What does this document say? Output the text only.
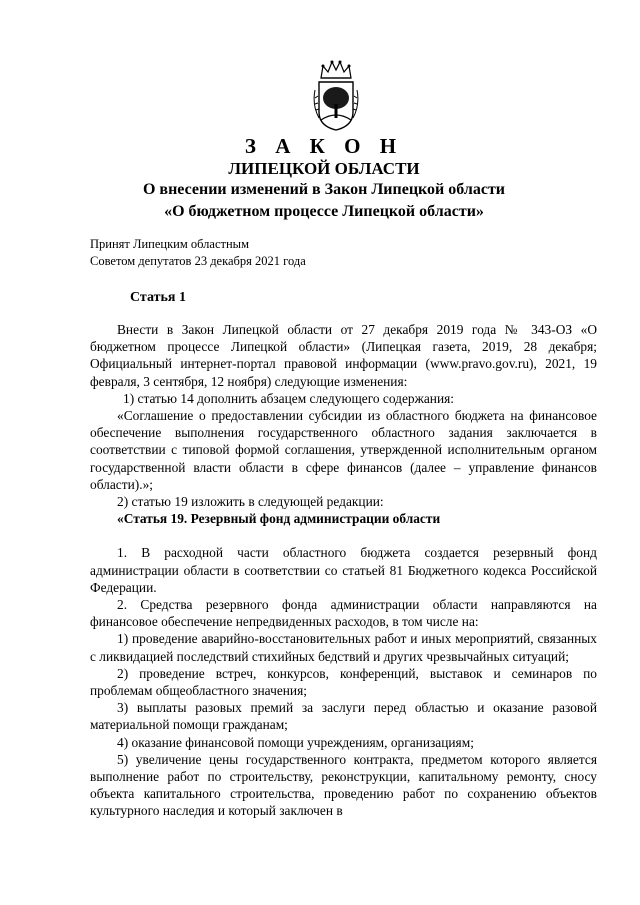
З А К О Н
ЛИПЕЦКОЙ ОБЛАСТИ
О внесении изменений в Закон Липецкой области
«О бюджетном процессе Липецкой области»
Принят Липецким областным
Советом депутатов 23 декабря 2021 года
Статья 1

Внести в Закон Липецкой области от 27 декабря 2019 года № 343-ОЗ «О бюджетном процессе Липецкой области» (Липецкая газета, 2019, 28 декабря; Официальный интернет-портал правовой информации (www.pravo.gov.ru), 2021, 19 февраля, 3 сентября, 12 ноября) следующие изменения:

1) статью 14 дополнить абзацем следующего содержания:

«Соглашение о предоставлении субсидии из областного бюджета на финансовое обеспечение выполнения государственного областного задания заключается в соответствии с типовой формой соглашения, утвержденной исполнительным органом государственной власти области в сфере финансов (далее – управление финансов области).»;

2) статью 19 изложить в следующей редакции:

«Статья 19. Резервный фонд администрации области

1. В расходной части областного бюджета создается резервный фонд администрации области в соответствии со статьей 81 Бюджетного кодекса Российской Федерации.

2. Средства резервного фонда администрации области направляются на финансовое обеспечение непредвиденных расходов, в том числе на:

1) проведение аварийно-восстановительных работ и иных мероприятий, связанных с ликвидацией последствий стихийных бедствий и других чрезвычайных ситуаций;

2) проведение встреч, конкурсов, конференций, выставок и семинаров по проблемам общеобластного значения;

3) выплаты разовых премий за заслуги перед областью и оказание разовой материальной помощи гражданам;

4) оказание финансовой помощи учреждениям, организациям;

5) увеличение цены государственного контракта, предметом которого является выполнение работ по строительству, реконструкции, капитальному ремонту, сносу объекта капитального строительства, проведению работ по сохранению объектов культурного наследия и который заключен в
